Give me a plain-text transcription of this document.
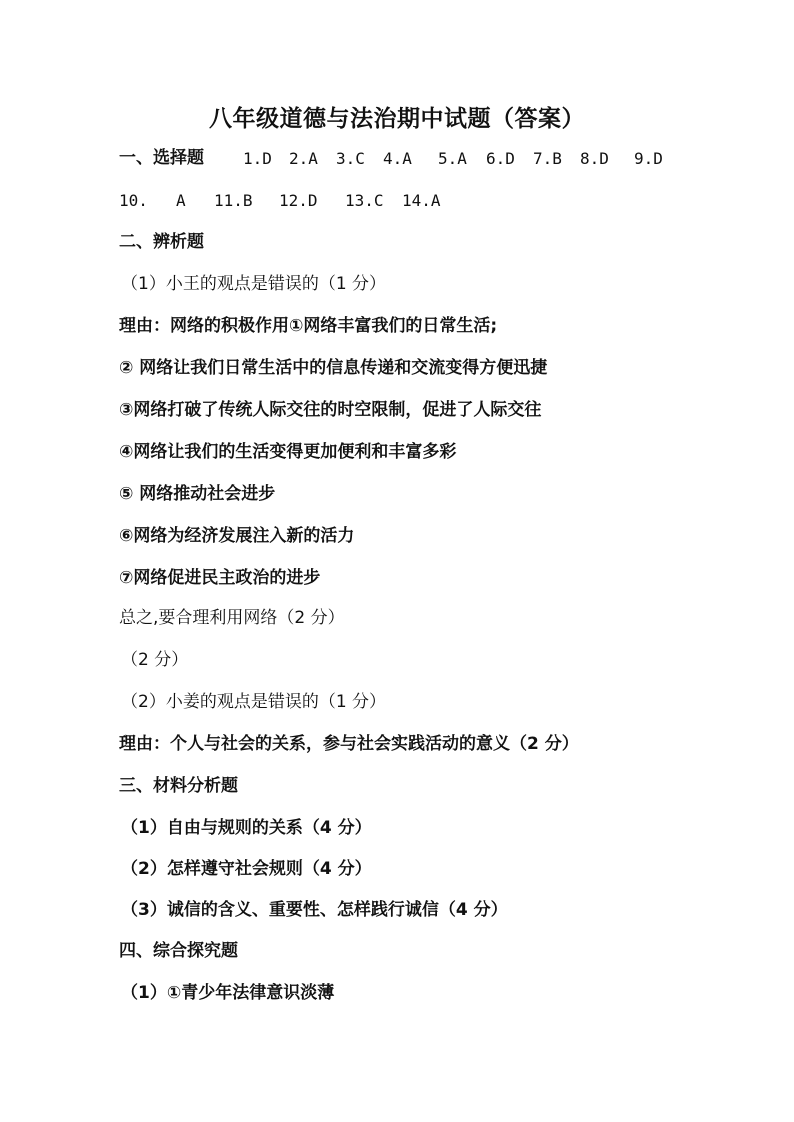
八年级道德与法治期中试题（答案）
一、选择题 1.D 2.A 3.C 4.A 5.A 6.D 7.B 8.D 9.D
10. A 11.B 12.D 13.C 14.A
二、辨析题
（1）小王的观点是错误的（1 分）
理由：网络的积极作用①网络丰富我们的日常生活;
② 网络让我们日常生活中的信息传递和交流变得方便迅捷
③网络打破了传统人际交往的时空限制，促进了人际交往
④网络让我们的生活变得更加便利和丰富多彩
⑤ 网络推动社会进步
⑥网络为经济发展注入新的活力
⑦网络促进民主政治的进步
总之,要合理利用网络（2 分）
（2 分）
（2）小姜的观点是错误的（1 分）
理由：个人与社会的关系，参与社会实践活动的意义（2 分）
三、材料分析题
（1）自由与规则的关系（4 分）
（2）怎样遵守社会规则（4 分）
（3）诚信的含义、重要性、怎样践行诚信（4 分）
四、综合探究题
（1）①青少年法律意识淡薄
